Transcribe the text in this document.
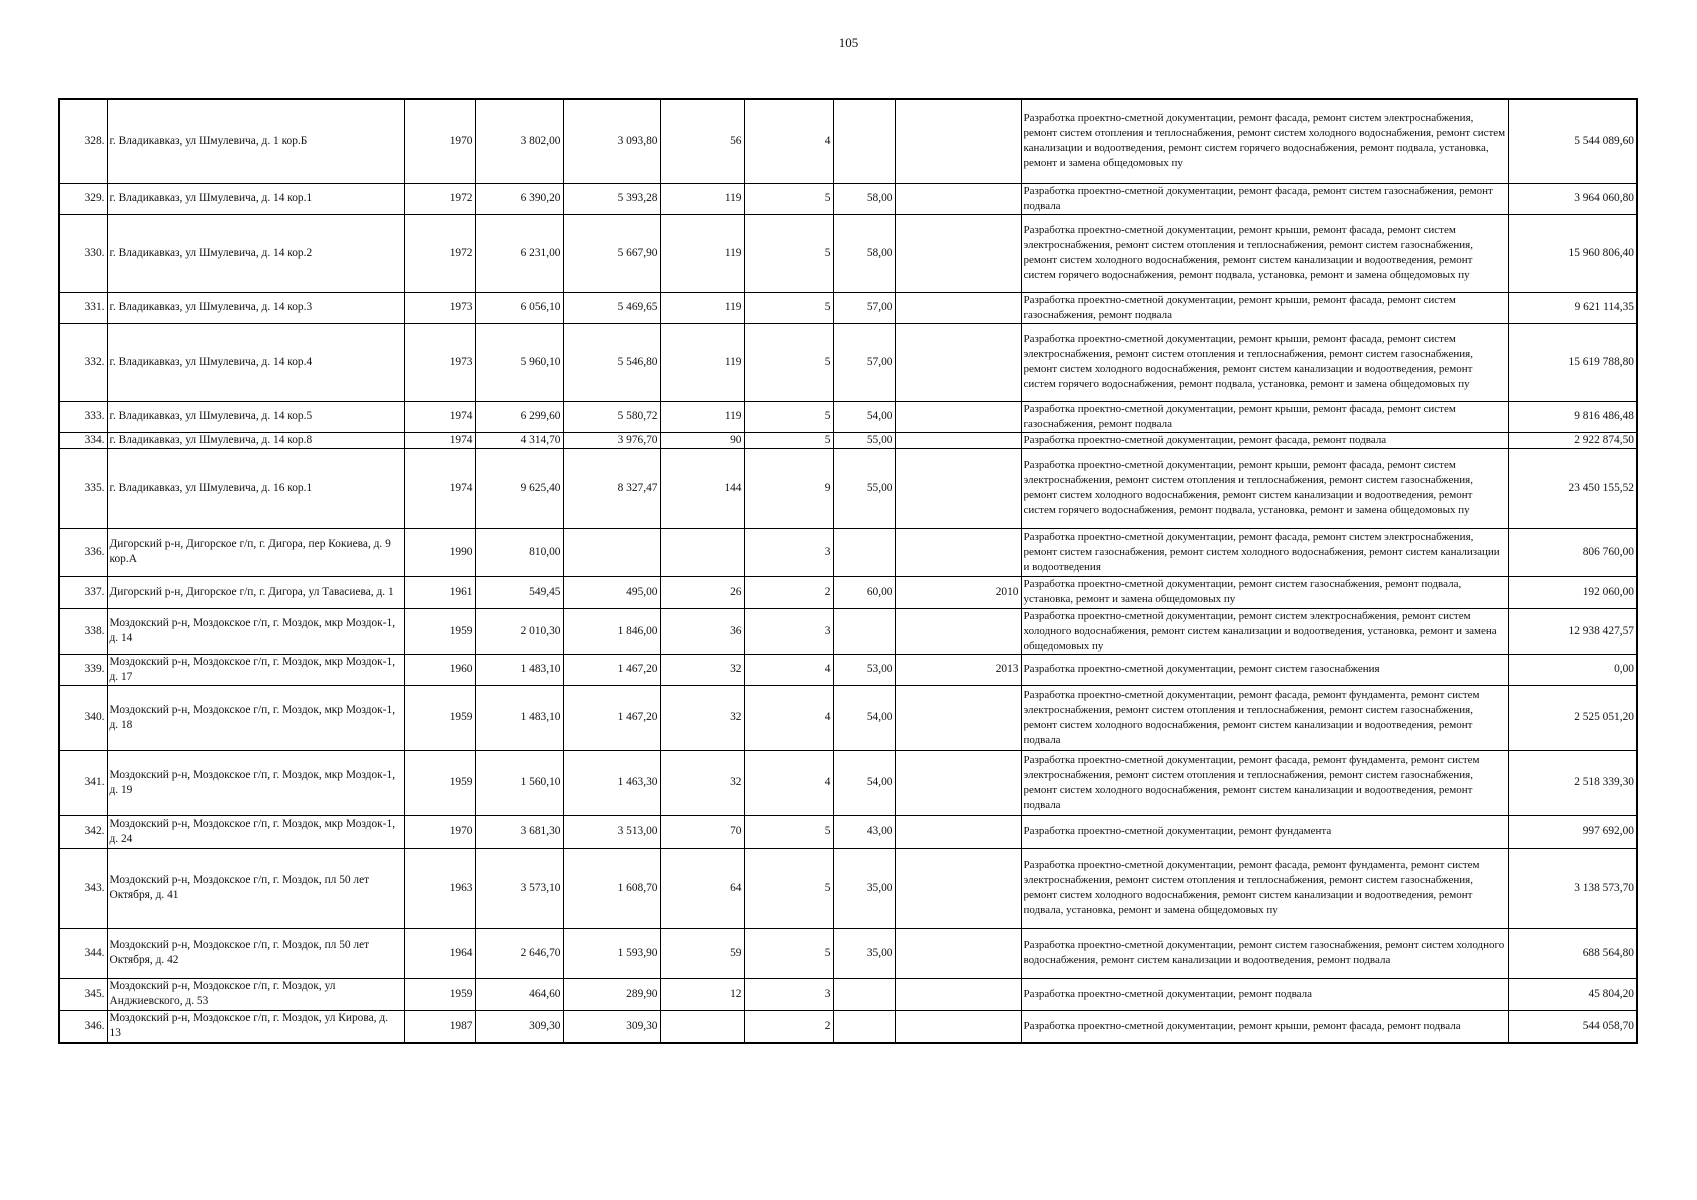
105
328.	г. Владикавказ, ул Шмулевича, д. 1 кор.Б	1970	3 802,00	3 093,80	56	4			Разработка проектно-сметной документации, ремонт фасада, ремонт систем электроснабжения, ремонт систем отопления и теплоснабжения, ремонт систем холодного водоснабжения, ремонт систем канализации и водоотведения, ремонт систем горячего водоснабжения, ремонт подвала, установка, ремонт и замена общедомовых пу	5 544 089,60
329.	г. Владикавказ, ул Шмулевича, д. 14 кор.1	1972	6 390,20	5 393,28	119	5	58,00		Разработка проектно-сметной документации, ремонт фасада, ремонт систем газоснабжения, ремонт подвала	3 964 060,80
330.	г. Владикавказ, ул Шмулевича, д. 14 кор.2	1972	6 231,00	5 667,90	119	5	58,00		Разработка проектно-сметной документации, ремонт крыши, ремонт фасада, ремонт систем электроснабжения, ремонт систем отопления и теплоснабжения, ремонт систем газоснабжения, ремонт систем холодного водоснабжения, ремонт систем канализации и водоотведения, ремонт систем горячего водоснабжения, ремонт подвала, установка, ремонт и замена общедомовых пу	15 960 806,40
331.	г. Владикавказ, ул Шмулевича, д. 14 кор.3	1973	6 056,10	5 469,65	119	5	57,00		Разработка проектно-сметной документации, ремонт крыши, ремонт фасада, ремонт систем газоснабжения, ремонт подвала	9 621 114,35
332.	г. Владикавказ, ул Шмулевича, д. 14 кор.4	1973	5 960,10	5 546,80	119	5	57,00		Разработка проектно-сметной документации, ремонт крыши, ремонт фасада, ремонт систем электроснабжения, ремонт систем отопления и теплоснабжения, ремонт систем газоснабжения, ремонт систем холодного водоснабжения, ремонт систем канализации и водоотведения, ремонт систем горячего водоснабжения, ремонт подвала, установка, ремонт и замена общедомовых пу	15 619 788,80
333.	г. Владикавказ, ул Шмулевича, д. 14 кор.5	1974	6 299,60	5 580,72	119	5	54,00		Разработка проектно-сметной документации, ремонт крыши, ремонт фасада, ремонт систем газоснабжения, ремонт подвала	9 816 486,48
334.	г. Владикавказ, ул Шмулевича, д. 14 кор.8	1974	4 314,70	3 976,70	90	5	55,00		Разработка проектно-сметной документации, ремонт фасада, ремонт подвала	2 922 874,50
335.	г. Владикавказ, ул Шмулевича, д. 16 кор.1	1974	9 625,40	8 327,47	144	9	55,00		Разработка проектно-сметной документации, ремонт крыши, ремонт фасада, ремонт систем электроснабжения, ремонт систем отопления и теплоснабжения, ремонт систем газоснабжения, ремонт систем холодного водоснабжения, ремонт систем канализации и водоотведения, ремонт систем горячего водоснабжения, ремонт подвала, установка, ремонт и замена общедомовых пу	23 450 155,52
336.	Дигорский р-н, Дигорское г/п, г. Дигора, пер Кокиева, д. 9 кор.А	1990	810,00			3			Разработка проектно-сметной документации, ремонт фасада, ремонт систем электроснабжения, ремонт систем газоснабжения, ремонт систем холодного водоснабжения, ремонт систем канализации и водоотведения	806 760,00
337.	Дигорский р-н, Дигорское г/п, г. Дигора, ул Тавасиева, д. 1	1961	549,45	495,00	26	2	60,00	2010	Разработка проектно-сметной документации, ремонт систем газоснабжения, ремонт подвала, установка, ремонт и замена общедомовых пу	192 060,00
338.	Моздокский р-н, Моздокское г/п, г. Моздок, мкр Моздок-1, д. 14	1959	2 010,30	1 846,00	36	3			Разработка проектно-сметной документации, ремонт систем электроснабжения, ремонт систем холодного водоснабжения, ремонт систем канализации и водоотведения, установка, ремонт и замена общедомовых пу	12 938 427,57
339.	Моздокский р-н, Моздокское г/п, г. Моздок, мкр Моздок-1, д. 17	1960	1 483,10	1 467,20	32	4	53,00	2013	Разработка проектно-сметной документации, ремонт систем газоснабжения	0,00
340.	Моздокский р-н, Моздокское г/п, г. Моздок, мкр Моздок-1, д. 18	1959	1 483,10	1 467,20	32	4	54,00		Разработка проектно-сметной документации, ремонт фасада, ремонт фундамента, ремонт систем электроснабжения, ремонт систем отопления и теплоснабжения, ремонт систем газоснабжения, ремонт систем холодного водоснабжения, ремонт систем канализации и водоотведения, ремонт подвала	2 525 051,20
341.	Моздокский р-н, Моздокское г/п, г. Моздок, мкр Моздок-1, д. 19	1959	1 560,10	1 463,30	32	4	54,00		Разработка проектно-сметной документации, ремонт фасада, ремонт фундамента, ремонт систем электроснабжения, ремонт систем отопления и теплоснабжения, ремонт систем газоснабжения, ремонт систем холодного водоснабжения, ремонт систем канализации и водоотведения, ремонт подвала	2 518 339,30
342.	Моздокский р-н, Моздокское г/п, г. Моздок, мкр Моздок-1, д. 24	1970	3 681,30	3 513,00	70	5	43,00		Разработка проектно-сметной документации, ремонт фундамента	997 692,00
343.	Моздокский р-н, Моздокское г/п, г. Моздок, пл 50 лет Октября, д. 41	1963	3 573,10	1 608,70	64	5	35,00		Разработка проектно-сметной документации, ремонт фасада, ремонт фундамента, ремонт систем электроснабжения, ремонт систем отопления и теплоснабжения, ремонт систем газоснабжения, ремонт систем холодного водоснабжения, ремонт систем канализации и водоотведения, ремонт подвала, установка, ремонт и замена общедомовых пу	3 138 573,70
344.	Моздокский р-н, Моздокское г/п, г. Моздок, пл 50 лет Октября, д. 42	1964	2 646,70	1 593,90	59	5	35,00		Разработка проектно-сметной документации, ремонт систем газоснабжения, ремонт систем холодного водоснабжения, ремонт систем канализации и водоотведения, ремонт подвала	688 564,80
345.	Моздокский р-н, Моздокское г/п, г. Моздок, ул Анджиевского, д. 53	1959	464,60	289,90	12	3			Разработка проектно-сметной документации, ремонт подвала	45 804,20
346.	Моздокский р-н, Моздокское г/п, г. Моздок, ул Кирова, д. 13	1987	309,30	309,30		2			Разработка проектно-сметной документации, ремонт крыши, ремонт фасада, ремонт подвала	544 058,70
